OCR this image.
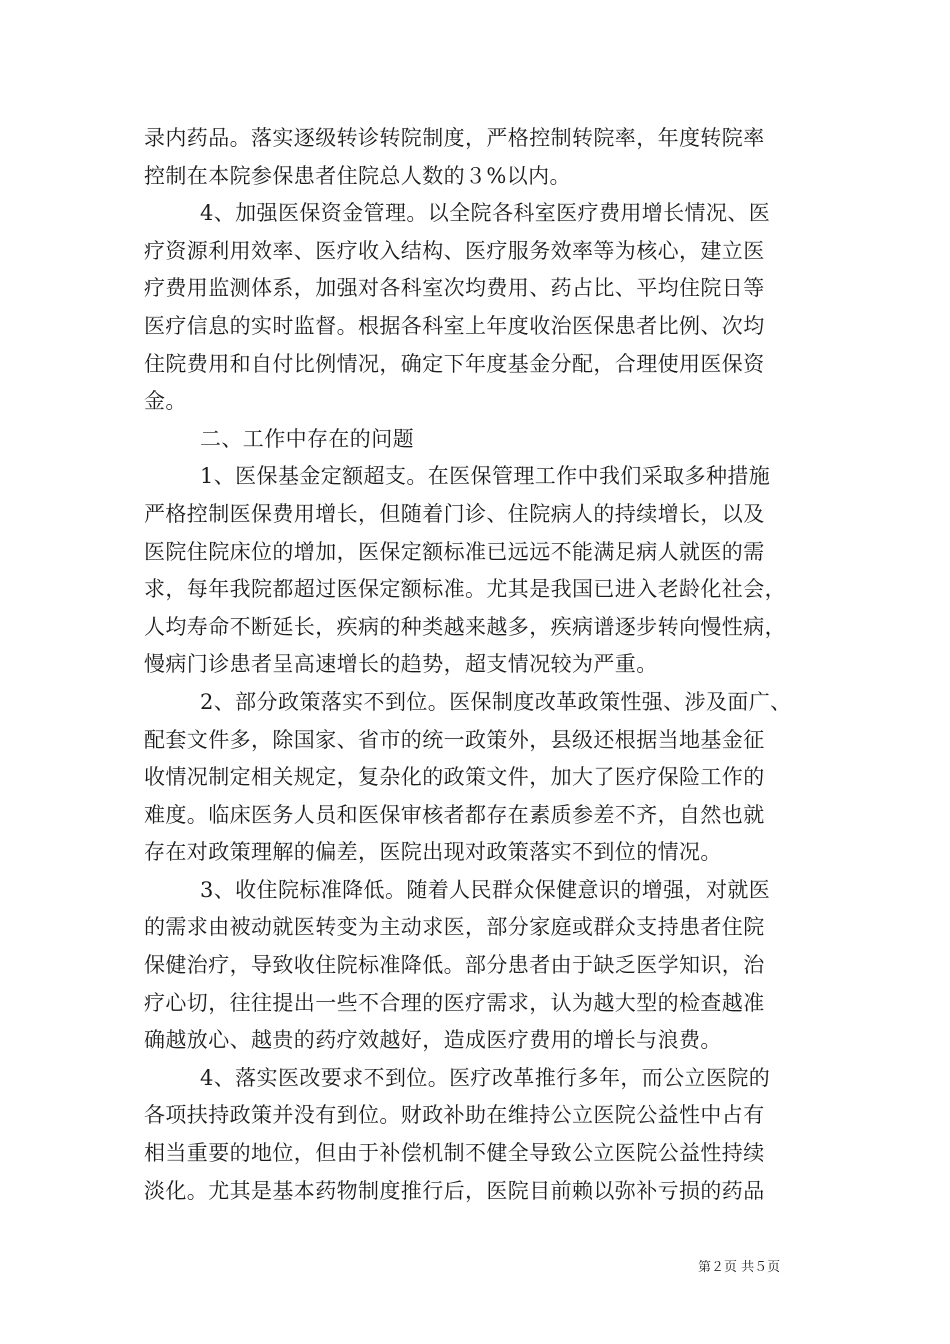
录内药品。落实逐级转诊转院制度，严格控制转院率，年度转院率
控制在本院参保患者住院总人数的３%以内。
4、加强医保资金管理。以全院各科室医疗费用增长情况、医
疗资源利用效率、医疗收入结构、医疗服务效率等为核心，建立医
疗费用监测体系，加强对各科室次均费用、药占比、平均住院日等
医疗信息的实时监督。根据各科室上年度收治医保患者比例、次均
住院费用和自付比例情况，确定下年度基金分配，合理使用医保资
金。
二、工作中存在的问题
1、医保基金定额超支。在医保管理工作中我们采取多种措施
严格控制医保费用增长，但随着门诊、住院病人的持续增长，以及
医院住院床位的增加，医保定额标准已远远不能满足病人就医的需
求，每年我院都超过医保定额标准。尤其是我国已进入老龄化社会，
人均寿命不断延长，疾病的种类越来越多，疾病谱逐步转向慢性病，
慢病门诊患者呈高速增长的趋势，超支情况较为严重。
2、部分政策落实不到位。医保制度改革政策性强、涉及面广、
配套文件多，除国家、省市的统一政策外，县级还根据当地基金征
收情况制定相关规定，复杂化的政策文件，加大了医疗保险工作的
难度。临床医务人员和医保审核者都存在素质参差不齐，自然也就
存在对政策理解的偏差，医院出现对政策落实不到位的情况。
3、收住院标准降低。随着人民群众保健意识的增强，对就医
的需求由被动就医转变为主动求医，部分家庭或群众支持患者住院
保健治疗，导致收住院标准降低。部分患者由于缺乏医学知识，治
疗心切，往往提出一些不合理的医疗需求，认为越大型的检查越准
确越放心、越贵的药疗效越好，造成医疗费用的增长与浪费。
4、落实医改要求不到位。医疗改革推行多年，而公立医院的
各项扶持政策并没有到位。财政补助在维持公立医院公益性中占有
相当重要的地位，但由于补偿机制不健全导致公立医院公益性持续
淡化。尤其是基本药物制度推行后，医院目前赖以弥补亏损的药品
第２页 共５页
